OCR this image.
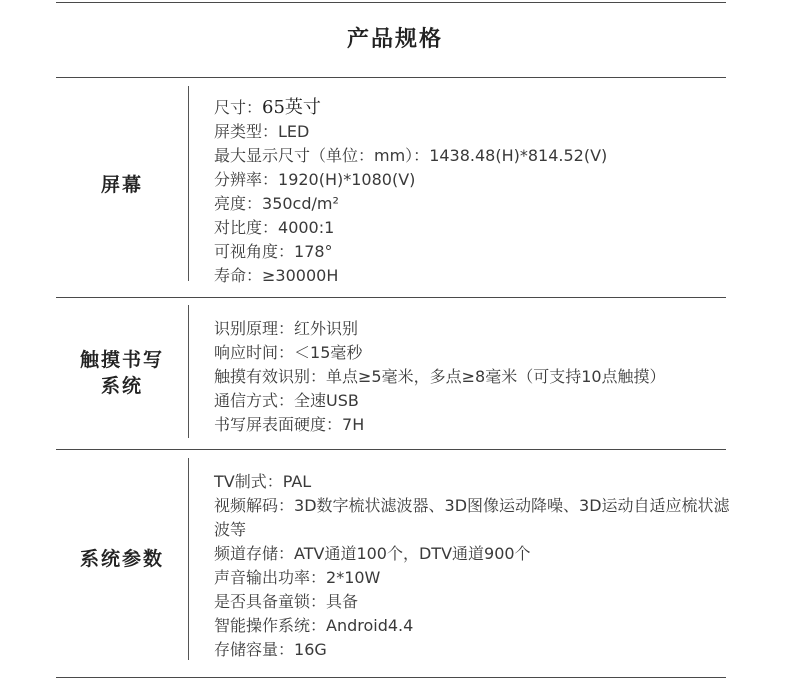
产品规格
屏幕
尺寸：65英寸
屏类型：LED
最大显示尺寸（单位：mm）：1438.48(H)*814.52(V)
分辨率：1920(H)*1080(V)
亮度：350cd/m²
对比度：4000:1
可视角度：178°
寿命：≥30000H
触摸书写
系统
识别原理：红外识别
响应时间：＜15毫秒
触摸有效识别：单点≥5毫米，多点≥8毫米（可支持10点触摸）
通信方式：全速USB
书写屏表面硬度：7H
系统参数
TV制式：PAL
视频解码：3D数字梳状滤波器、3D图像运动降噪、3D运动自适应梳状滤波等
频道存储：ATV通道100个，DTV通道900个
声音输出功率：2*10W
是否具备童锁：具备
智能操作系统：Android4.4
存储容量：16G
